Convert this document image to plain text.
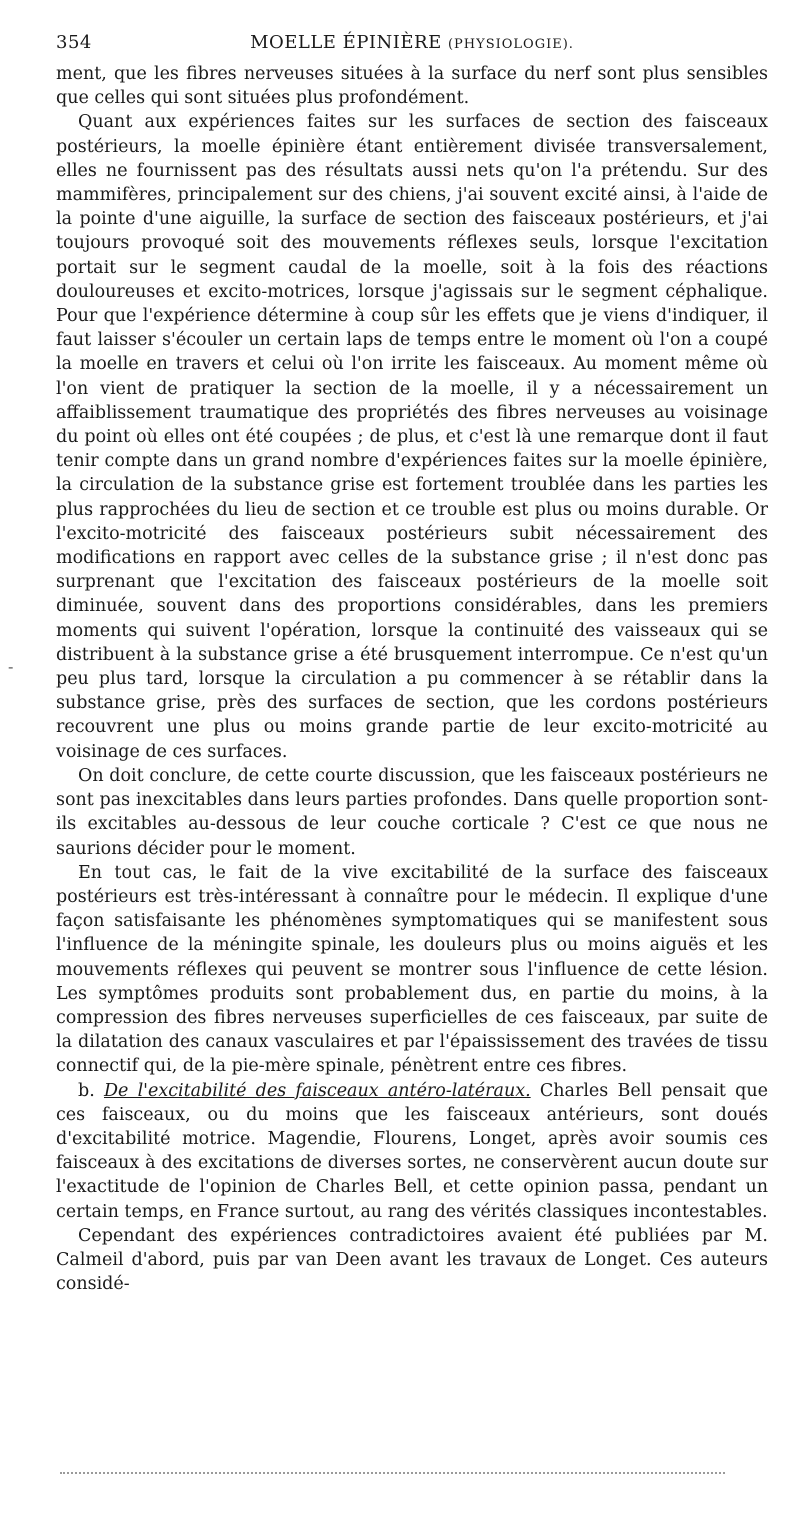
354	MOELLE ÉPINIÈRE (PHYSIOLOGIE).

ment, que les fibres nerveuses situées à la surface du nerf sont plus sensibles que celles qui sont situées plus profondément.

Quant aux expériences faites sur les surfaces de section des faisceaux postérieurs, la moelle épinière étant entièrement divisée transversalement, elles ne fournissent pas des résultats aussi nets qu'on l'a prétendu. Sur des mammifères, principalement sur des chiens, j'ai souvent excité ainsi, à l'aide de la pointe d'une aiguille, la surface de section des faisceaux postérieurs, et j'ai toujours provoqué soit des mouvements réflexes seuls, lorsque l'excitation portait sur le segment caudal de la moelle, soit à la fois des réactions douloureuses et excito-motrices, lorsque j'agissais sur le segment céphalique. Pour que l'expérience détermine à coup sûr les effets que je viens d'indiquer, il faut laisser s'écouler un certain laps de temps entre le moment où l'on a coupé la moelle en travers et celui où l'on irrite les faisceaux. Au moment même où l'on vient de pratiquer la section de la moelle, il y a nécessairement un affaiblissement traumatique des propriétés des fibres nerveuses au voisinage du point où elles ont été coupées ; de plus, et c'est là une remarque dont il faut tenir compte dans un grand nombre d'expériences faites sur la moelle épinière, la circulation de la substance grise est fortement troublée dans les parties les plus rapprochées du lieu de section et ce trouble est plus ou moins durable. Or l'excito-motricité des faisceaux postérieurs subit nécessairement des modifications en rapport avec celles de la substance grise ; il n'est donc pas surprenant que l'excitation des faisceaux postérieurs de la moelle soit diminuée, souvent dans des proportions considérables, dans les premiers moments qui suivent l'opération, lorsque la continuité des vaisseaux qui se distribuent à la substance grise a été brusquement interrompue. Ce n'est qu'un peu plus tard, lorsque la circulation a pu commencer à se rétablir dans la substance grise, près des surfaces de section, que les cordons postérieurs recouvrent une plus ou moins grande partie de leur excito-motricité au voisinage de ces surfaces.

On doit conclure, de cette courte discussion, que les faisceaux postérieurs ne sont pas inexcitables dans leurs parties profondes. Dans quelle proportion sont-ils excitables au-dessous de leur couche corticale ? C'est ce que nous ne saurions décider pour le moment.

En tout cas, le fait de la vive excitabilité de la surface des faisceaux postérieurs est très-intéressant à connaître pour le médecin. Il explique d'une façon satisfaisante les phénomènes symptomatiques qui se manifestent sous l'influence de la méningite spinale, les douleurs plus ou moins aiguës et les mouvements réflexes qui peuvent se montrer sous l'influence de cette lésion. Les symptômes produits sont probablement dus, en partie du moins, à la compression des fibres nerveuses superficielles de ces faisceaux, par suite de la dilatation des canaux vasculaires et par l'épaississement des travées de tissu connectif qui, de la pie-mère spinale, pénètrent entre ces fibres.

b. De l'excitabilité des faisceaux antéro-latéraux. Charles Bell pensait que ces faisceaux, ou du moins que les faisceaux antérieurs, sont doués d'excitabilité motrice. Magendie, Flourens, Longet, après avoir soumis ces faisceaux à des excitations de diverses sortes, ne conservèrent aucun doute sur l'exactitude de l'opinion de Charles Bell, et cette opinion passa, pendant un certain temps, en France surtout, au rang des vérités classiques incontestables.

Cependant des expériences contradictoires avaient été publiées par M. Calmeil d'abord, puis par van Deen avant les travaux de Longet. Ces auteurs considé-

-
